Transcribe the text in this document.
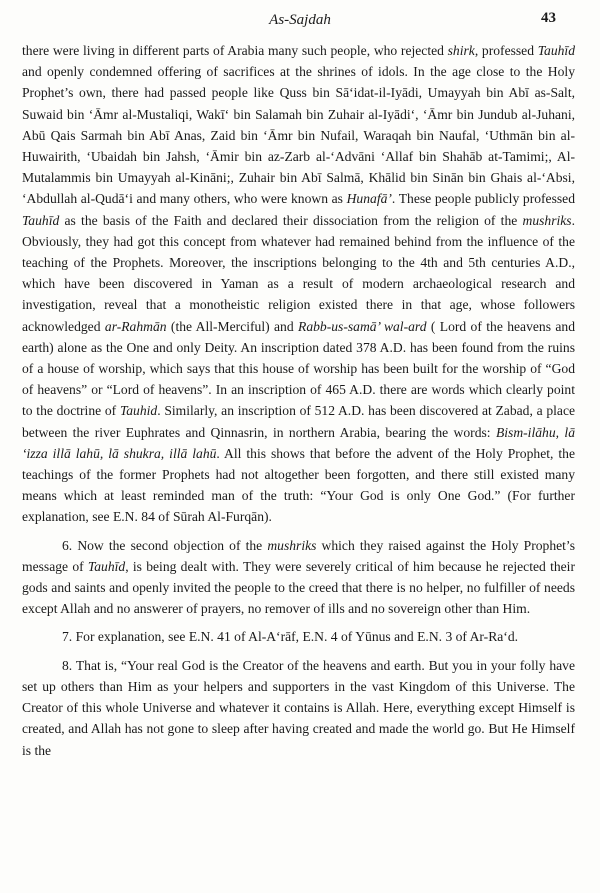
As-Sajdah	43

there were living in different parts of Arabia many such people, who rejected shirk, professed Tauhīd and openly condemned offering of sacrifices at the shrines of idols. In the age close to the Holy Prophet’s own, there had passed people like Quss bin Sā‘idat-il-Iyādi, Umayyah bin Abī as-Salt, Suwaid bin ‘Āmr al-Mustaliqi, Wakī‘ bin Salamah bin Zuhair al-Iyādi‘, ‘Āmr bin Jundub al-Juhani, Abū Qais Sarmah bin Abī Anas, Zaid bin ‘Āmr bin Nufail, Waraqah bin Naufal, ‘Uthmān bin al-Huwairith, ‘Ubaidah bin Jahsh, ‘Āmir bin az-Zarb al-‘Advāni ‘Allaf bin Shahāb at-Tamimi;, Al-Mutalammis bin Umayyah al-Kināni;, Zuhair bin Abī Salmā, Khālid bin Sinān bin Ghais al-‘Absi, ‘Abdullah al-Qudā‘i and many others, who were known as Hunafā’. These people publicly professed Tauhīd as the basis of the Faith and declared their dissociation from the religion of the mushriks. Obviously, they had got this concept from whatever had remained behind from the influence of the teaching of the Prophets. Moreover, the inscriptions belonging to the 4th and 5th centuries A.D., which have been discovered in Yaman as a result of modern archaeological research and investigation, reveal that a monotheistic religion existed there in that age, whose followers acknowledged ar-Rahmān (the All-Merciful) and Rabb-us-samā’ wal-ard ( Lord of the heavens and earth) alone as the One and only Deity. An inscription dated 378 A.D. has been found from the ruins of a house of worship, which says that this house of worship has been built for the worship of “God of heavens” or “Lord of heavens”. In an inscription of 465 A.D. there are words which clearly point to the doctrine of Tauhid. Similarly, an inscription of 512 A.D. has been discovered at Zabad, a place between the river Euphrates and Qinnasrin, in northern Arabia, bearing the words: Bism-ilāhu, lā ‘izza illā lahū, lā shukra, illā lahū. All this shows that before the advent of the Holy Prophet, the teachings of the former Prophets had not altogether been forgotten, and there still existed many means which at least reminded man of the truth: “Your God is only One God.” (For further explanation, see E.N. 84 of Sūrah Al-Furqān).

6. Now the second objection of the mushriks which they raised against the Holy Prophet’s message of Tauhīd, is being dealt with. They were severely critical of him because he rejected their gods and saints and openly invited the people to the creed that there is no helper, no fulfiller of needs except Allah and no answerer of prayers, no remover of ills and no sovereign other than Him.

7. For explanation, see E.N. 41 of Al-A‘rāf, E.N. 4 of Yūnus and E.N. 3 of Ar-Ra‘d.

8. That is, “Your real God is the Creator of the heavens and earth. But you in your folly have set up others than Him as your helpers and supporters in the vast Kingdom of this Universe. The Creator of this whole Universe and whatever it contains is Allah. Here, everything except Himself is created, and Allah has not gone to sleep after having created and made the world go. But He Himself is the
